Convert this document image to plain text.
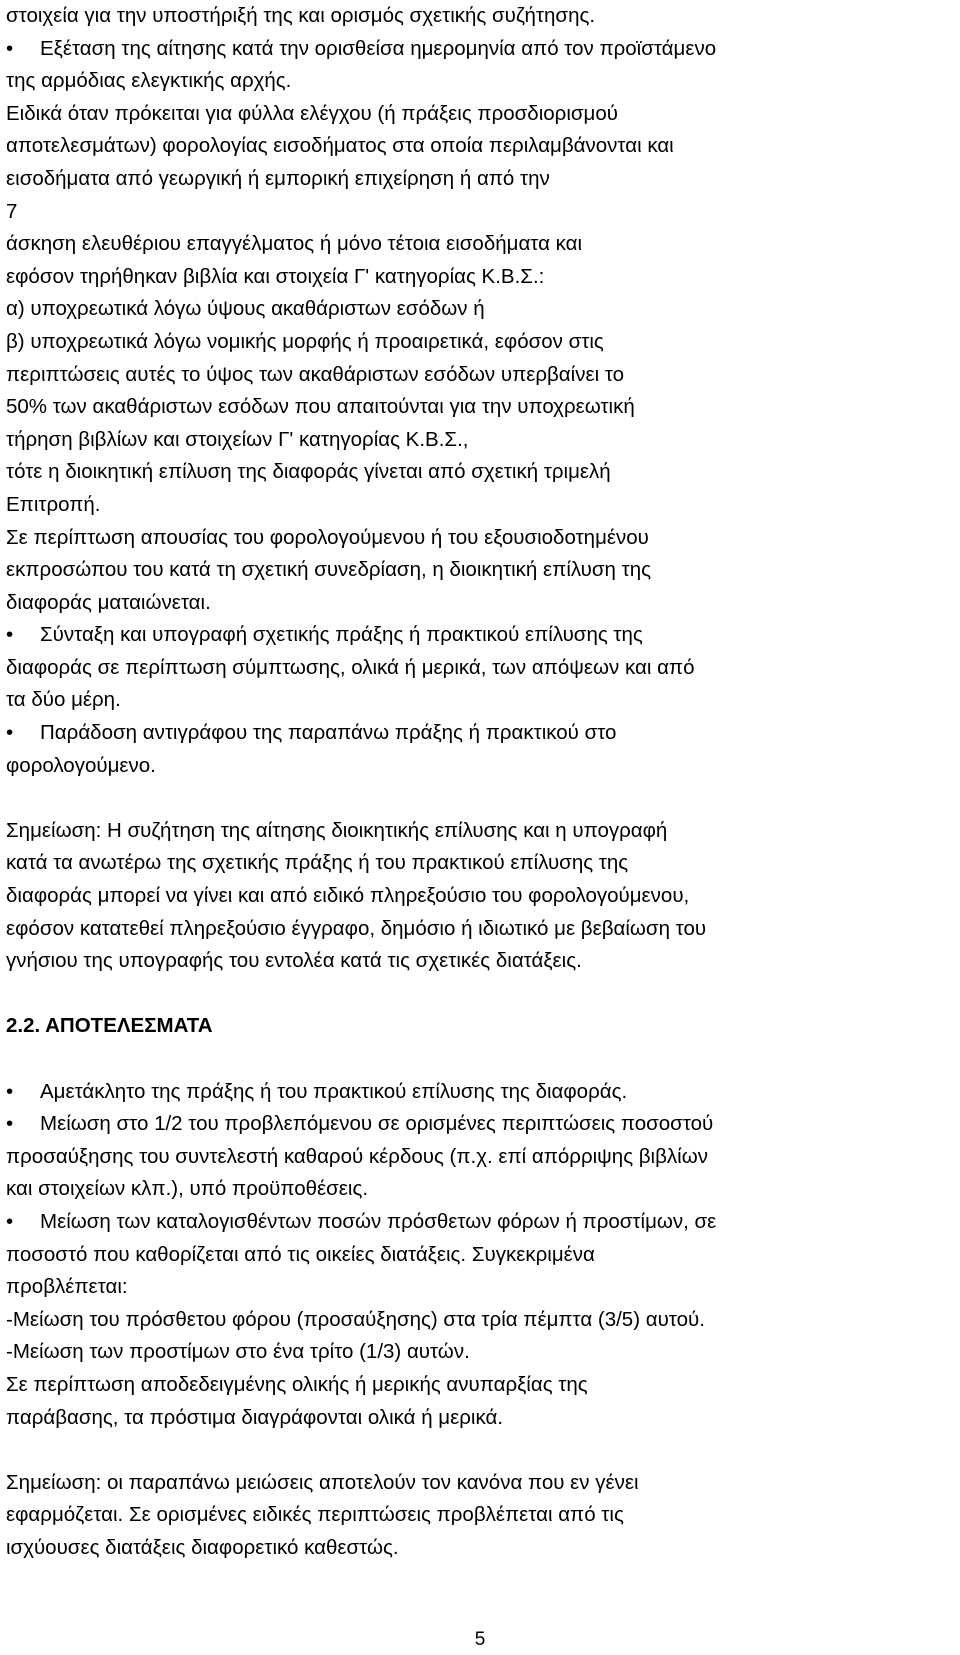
στοιχεία για την υποστήριξή της και ορισμός σχετικής συζήτησης.
• Εξέταση της αίτησης κατά την ορισθείσα ημερομηνία από τον προϊστάμενο
της αρμόδιας ελεγκτικής αρχής.
Ειδικά όταν πρόκειται για φύλλα ελέγχου (ή πράξεις προσδιορισμού
αποτελεσμάτων) φορολογίας εισοδήματος στα οποία περιλαμβάνονται και
εισοδήματα από γεωργική ή εμπορική επιχείρηση ή από την
7
άσκηση ελευθέριου επαγγέλματος ή μόνο τέτοια εισοδήματα και
εφόσον τηρήθηκαν βιβλία και στοιχεία Γ' κατηγορίας Κ.Β.Σ.:
α) υποχρεωτικά λόγω ύψους ακαθάριστων εσόδων ή
β) υποχρεωτικά λόγω νομικής μορφής ή προαιρετικά, εφόσον στις
περιπτώσεις αυτές το ύψος των ακαθάριστων εσόδων υπερβαίνει το
50% των ακαθάριστων εσόδων που απαιτούνται για την υποχρεωτική
τήρηση βιβλίων και στοιχείων Γ' κατηγορίας Κ.Β.Σ.,
τότε η διοικητική επίλυση της διαφοράς γίνεται από σχετική τριμελή
Επιτροπή.
Σε περίπτωση απουσίας του φορολογούμενου ή του εξουσιοδοτημένου
εκπροσώπου του κατά τη σχετική συνεδρίαση, η διοικητική επίλυση της
διαφοράς ματαιώνεται.
• Σύνταξη και υπογραφή σχετικής πράξης ή πρακτικού επίλυσης της
διαφοράς σε περίπτωση σύμπτωσης, ολικά ή μερικά, των απόψεων και από
τα δύο μέρη.
• Παράδοση αντιγράφου της παραπάνω πράξης ή πρακτικού στο
φορολογούμενο.
Σημείωση: Η συζήτηση της αίτησης διοικητικής επίλυσης και η υπογραφή
κατά τα ανωτέρω της σχετικής πράξης ή του πρακτικού επίλυσης της
διαφοράς μπορεί να γίνει και από ειδικό πληρεξούσιο του φορολογούμενου,
εφόσον κατατεθεί πληρεξούσιο έγγραφο, δημόσιο ή ιδιωτικό με βεβαίωση του
γνήσιου της υπογραφής του εντολέα κατά τις σχετικές διατάξεις.
2.2. ΑΠΟΤΕΛΕΣΜΑΤΑ
• Αμετάκλητο της πράξης ή του πρακτικού επίλυσης της διαφοράς.
• Μείωση στο 1/2 του προβλεπόμενου σε ορισμένες περιπτώσεις ποσοστού
προσαύξησης του συντελεστή καθαρού κέρδους (π.χ. επί απόρριψης βιβλίων
και στοιχείων κλπ.), υπό προϋποθέσεις.
• Μείωση των καταλογισθέντων ποσών πρόσθετων φόρων ή προστίμων, σε
ποσοστό που καθορίζεται από τις οικείες διατάξεις. Συγκεκριμένα
προβλέπεται:
-Μείωση του πρόσθετου φόρου (προσαύξησης) στα τρία πέμπτα (3/5) αυτού.
-Μείωση των προστίμων στο ένα τρίτο (1/3) αυτών.
Σε περίπτωση αποδεδειγμένης ολικής ή μερικής ανυπαρξίας της
παράβασης, τα πρόστιμα διαγράφονται ολικά ή μερικά.
Σημείωση: οι παραπάνω μειώσεις αποτελούν τον κανόνα που εν γένει
εφαρμόζεται. Σε ορισμένες ειδικές περιπτώσεις προβλέπεται από τις
ισχύουσες διατάξεις διαφορετικό καθεστώς.
5
